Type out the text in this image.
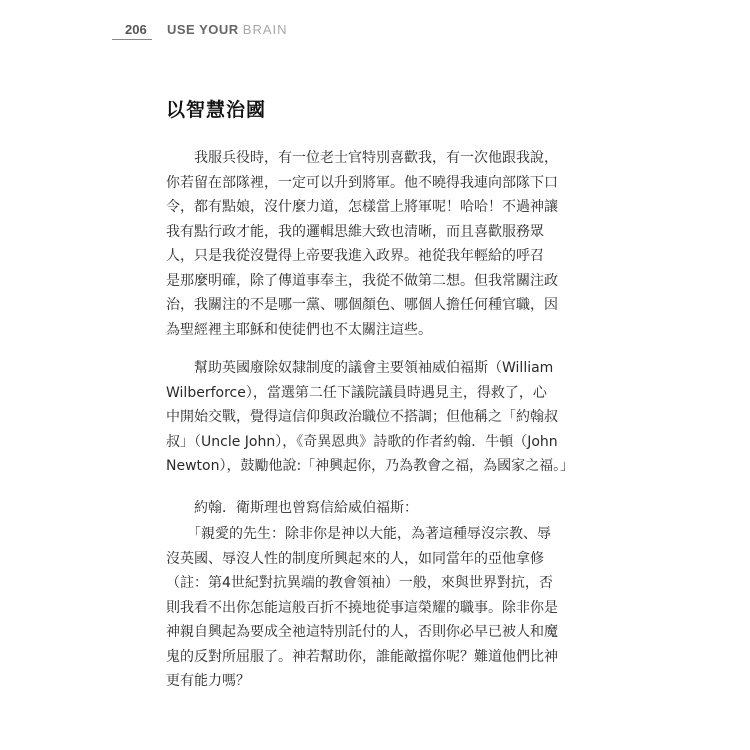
206 USE YOUR BRAIN
以智慧治國

　　我服兵役時，有一位老士官特別喜歡我，有一次他跟我說，
你若留在部隊裡，一定可以升到將軍。他不曉得我連向部隊下口
令，都有點娘，沒什麼力道，怎樣當上將軍呢！哈哈！不過神讓
我有點行政才能，我的邏輯思維大致也清晰，而且喜歡服務眾
人，只是我從沒覺得上帝要我進入政界。祂從我年輕給的呼召
是那麼明確，除了傳道事奉主，我從不做第二想。但我常關注政
治，我關注的不是哪一黨、哪個顏色、哪個人擔任何種官職，因
為聖經裡主耶穌和使徒們也不太關注這些。

　　幫助英國廢除奴隸制度的議會主要領袖威伯福斯（William
Wilberforce），當選第二任下議院議員時遇見主，得救了，心
中開始交戰，覺得這信仰與政治職位不搭調；但他稱之「約翰叔
叔」（Uncle John），《奇異恩典》詩歌的作者約翰．牛頓（John
Newton），鼓勵他說:「神興起你，乃為教會之福，為國家之福。」

　　約翰．衛斯理也曾寫信給威伯福斯：

　　「親愛的先生：除非你是神以大能，為著這種辱沒宗教、辱
沒英國、辱沒人性的制度所興起來的人，如同當年的亞他拿修
（註：第4世紀對抗異端的教會領袖）一般，來與世界對抗，否
則我看不出你怎能這般百折不撓地從事這榮耀的職事。除非你是
神親自興起為要成全祂這特別託付的人，否則你必早已被人和魔
鬼的反對所屈服了。神若幫助你，誰能敵擋你呢？難道他們比神
更有能力嗎？
